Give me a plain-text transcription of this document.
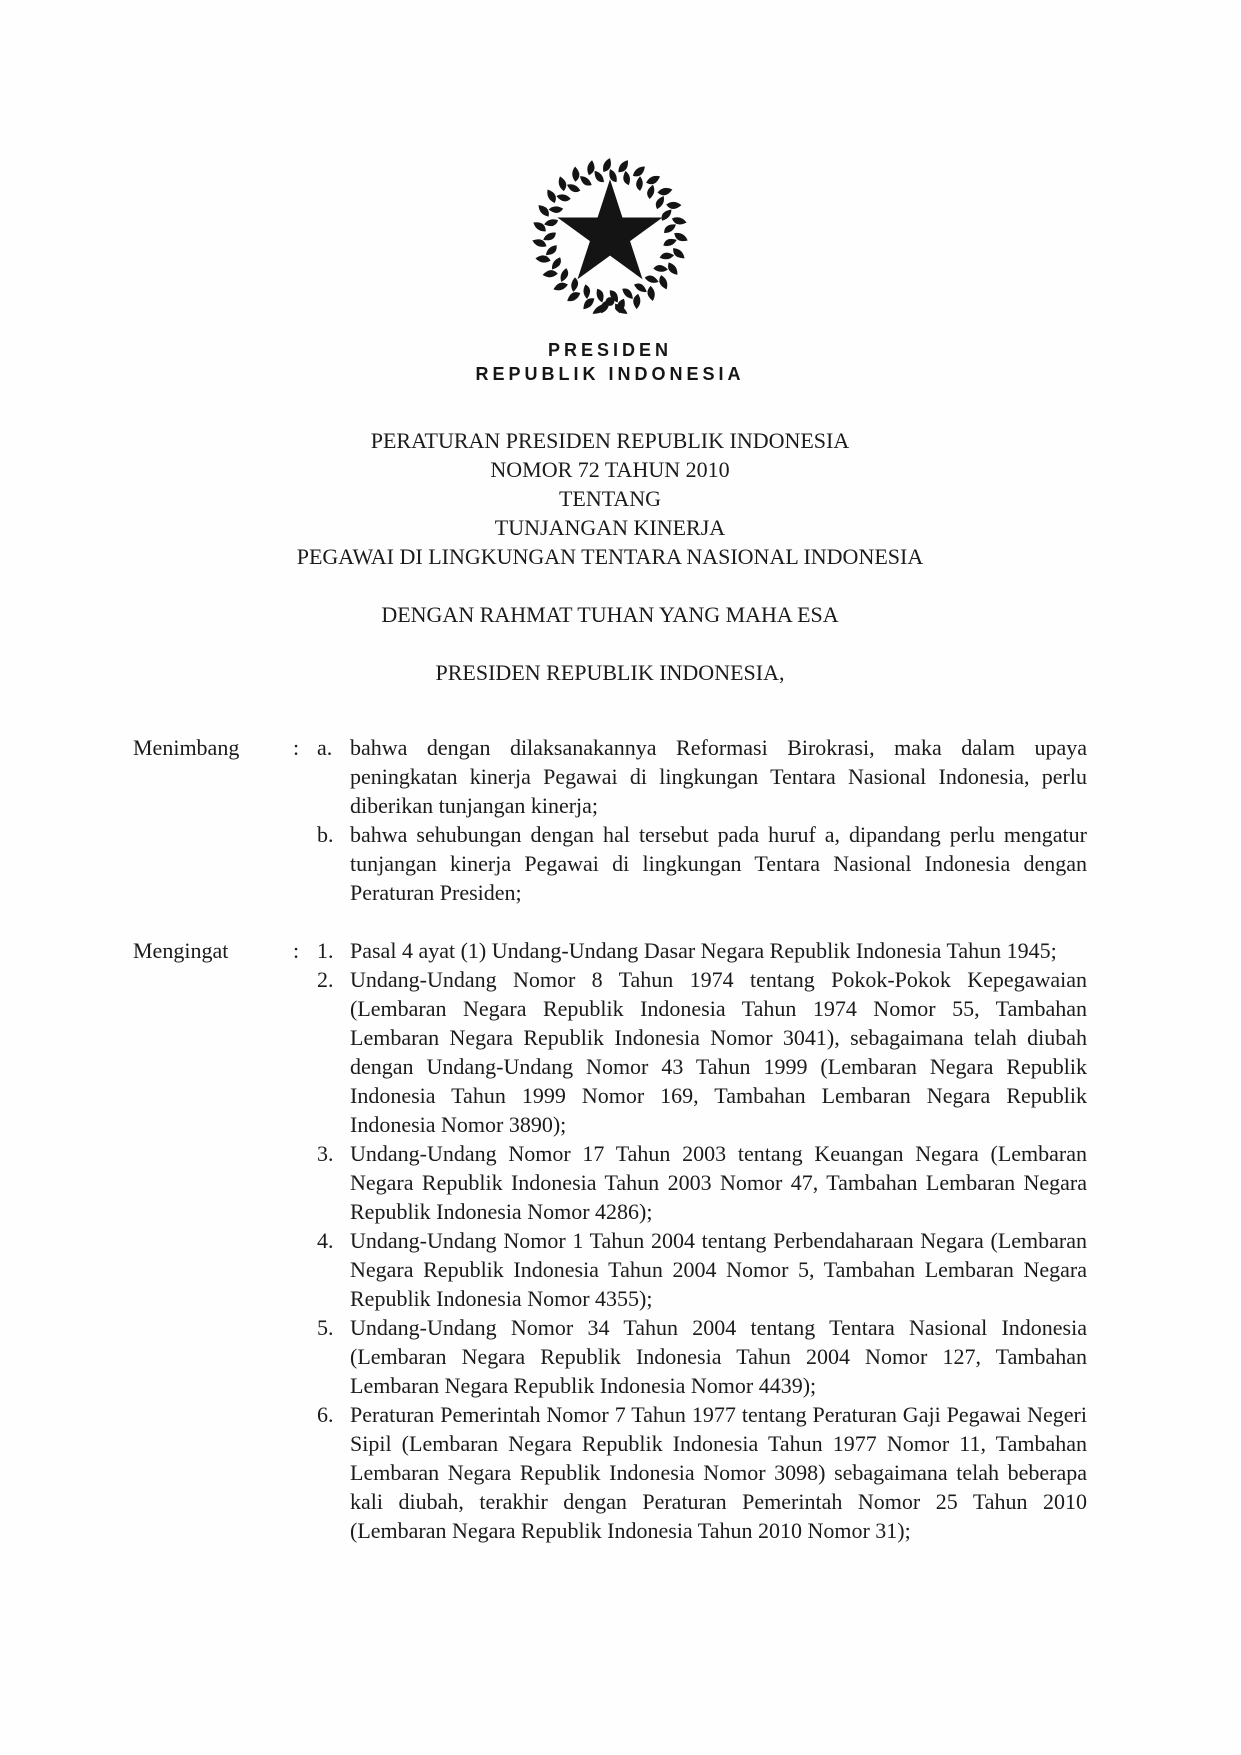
PRESIDEN
REPUBLIK INDONESIA
PERATURAN PRESIDEN REPUBLIK INDONESIA
NOMOR 72 TAHUN 2010
TENTANG
TUNJANGAN KINERJA
PEGAWAI DI LINGKUNGAN TENTARA NASIONAL INDONESIA
DENGAN RAHMAT TUHAN YANG MAHA ESA
PRESIDEN REPUBLIK INDONESIA,
Menimbang	: a. bahwa dengan dilaksanakannya Reformasi Birokrasi, maka dalam upaya peningkatan kinerja Pegawai di lingkungan Tentara Nasional Indonesia, perlu diberikan tunjangan kinerja;
b. bahwa sehubungan dengan hal tersebut pada huruf a, dipandang perlu mengatur tunjangan kinerja Pegawai di lingkungan Tentara Nasional Indonesia dengan Peraturan Presiden;
Mengingat	: 1. Pasal 4 ayat (1) Undang-Undang Dasar Negara Republik Indonesia Tahun 1945;
2. Undang-Undang Nomor 8 Tahun 1974 tentang Pokok-Pokok Kepegawaian (Lembaran Negara Republik Indonesia Tahun 1974 Nomor 55, Tambahan Lembaran Negara Republik Indonesia Nomor 3041), sebagaimana telah diubah dengan Undang-Undang Nomor 43 Tahun 1999 (Lembaran Negara Republik Indonesia Tahun 1999 Nomor 169, Tambahan Lembaran Negara Republik Indonesia Nomor 3890);
3. Undang-Undang Nomor 17 Tahun 2003 tentang Keuangan Negara (Lembaran Negara Republik Indonesia Tahun 2003 Nomor 47, Tambahan Lembaran Negara Republik Indonesia Nomor 4286);
4. Undang-Undang Nomor 1 Tahun 2004 tentang Perbendaharaan Negara (Lembaran Negara Republik Indonesia Tahun 2004 Nomor 5, Tambahan Lembaran Negara Republik Indonesia Nomor 4355);
5. Undang-Undang Nomor 34 Tahun 2004 tentang Tentara Nasional Indonesia (Lembaran Negara Republik Indonesia Tahun 2004 Nomor 127, Tambahan Lembaran Negara Republik Indonesia Nomor 4439);
6. Peraturan Pemerintah Nomor 7 Tahun 1977 tentang Peraturan Gaji Pegawai Negeri Sipil (Lembaran Negara Republik Indonesia Tahun 1977 Nomor 11, Tambahan Lembaran Negara Republik Indonesia Nomor 3098) sebagaimana telah beberapa kali diubah, terakhir dengan Peraturan Pemerintah Nomor 25 Tahun 2010 (Lembaran Negara Republik Indonesia Tahun 2010 Nomor 31);
